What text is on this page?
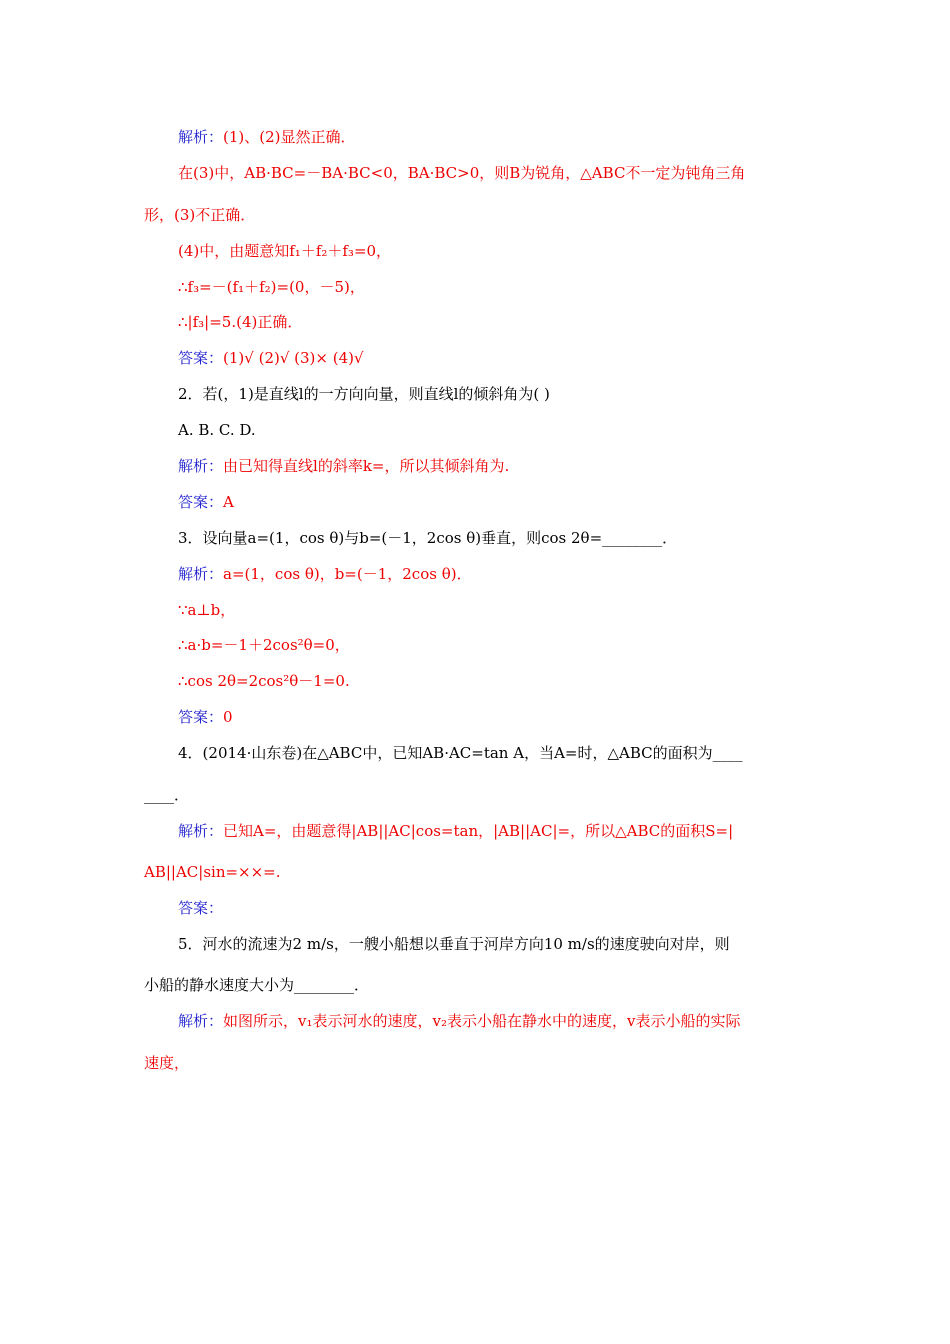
解析：(1)、(2)显然正确．
在(3)中，AB·BC=－BA·BC<0，BA·BC>0，则B为锐角，△ABC不一定为钝角三角
形，(3)不正确．
(4)中，由题意知f₁＋f₂＋f₃=0，
∴f₃=－(f₁＋f₂)=(0，－5)，
∴|f₃|=5.(4)正确．
答案：(1)√ (2)√ (3)× (4)√
2．若(，1)是直线l的一方向向量，则直线l的倾斜角为( )
A. B. C. D.
解析：由已知得直线l的斜率k=，所以其倾斜角为.
答案：A
3．设向量a=(1，cos θ)与b=(－1，2cos θ)垂直，则cos 2θ=________．
解析：a=(1，cos θ)，b=(－1，2cos θ)．
∵a⊥b，
∴a·b=－1＋2cos²θ=0，
∴cos 2θ=2cos²θ－1=0.
答案：0
4．(2014·山东卷)在△ABC中，已知AB·AC=tan A，当A=时，△ABC的面积为____
____．
解析：已知A=，由题意得|AB||AC|cos=tan，|AB||AC|=，所以△ABC的面积S=|
AB||AC|sin=××=.
答案：
5．河水的流速为2 m/s，一艘小船想以垂直于河岸方向10 m/s的速度驶向对岸，则
小船的静水速度大小为________．
解析：如图所示，v₁表示河水的速度，v₂表示小船在静水中的速度，v表示小船的实际
速度，
